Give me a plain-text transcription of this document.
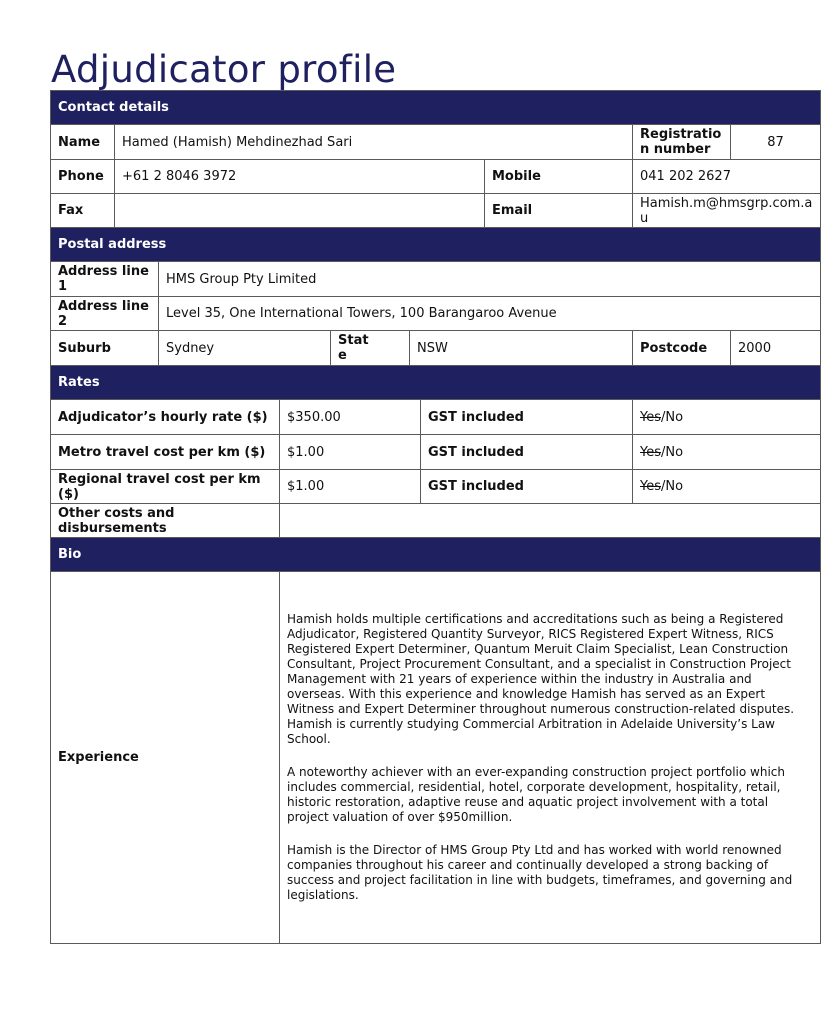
Adjudicator profile
Contact details									
Name	Hamed (Hamish) Mehdinezhad Sari							Registration number	87
Phone	+61 2 8046 3972						Mobile	041 202 2627	
Fax							Email	Hamish.m@hmsgrp.com.au	
Postal address									
Address line 1		HMS Group Pty Limited							
Address line 2		Level 35, One International Towers, 100 Barangaroo Avenue							
Suburb		Sydney		State	NSW			Postcode	2000
Rates									
Adjudicator’s hourly rate ($)			$350.00			GST included		Yes/No	
Metro travel cost per km ($)			$1.00			GST included		Yes/No	
Regional travel cost per km ($)			$1.00			GST included		Yes/No	
Other costs and disbursements									
Bio									
Experience			Hamish holds multiple certifications and accreditations such as being a Registered Adjudicator, Registered Quantity Surveyor, RICS Registered Expert Witness, RICS Registered Expert Determiner, Quantum Meruit Claim Specialist, Lean Construction Consultant, Project Procurement Consultant, and a specialist in Construction Project Management with 21 years of experience within the industry in Australia and overseas. With this experience and knowledge Hamish has served as an Expert Witness and Expert Determiner throughout numerous construction-related disputes. Hamish is currently studying Commercial Arbitration in Adelaide University’s Law School.

A noteworthy achiever with an ever-expanding construction project portfolio which includes commercial, residential, hotel, corporate development, hospitality, retail, historic restoration, adaptive reuse and aquatic project involvement with a total project valuation of over $950million.

Hamish is the Director of HMS Group Pty Ltd and has worked with world renowned companies throughout his career and continually developed a strong backing of success and project facilitation in line with budgets, timeframes, and governing and legislations.						
